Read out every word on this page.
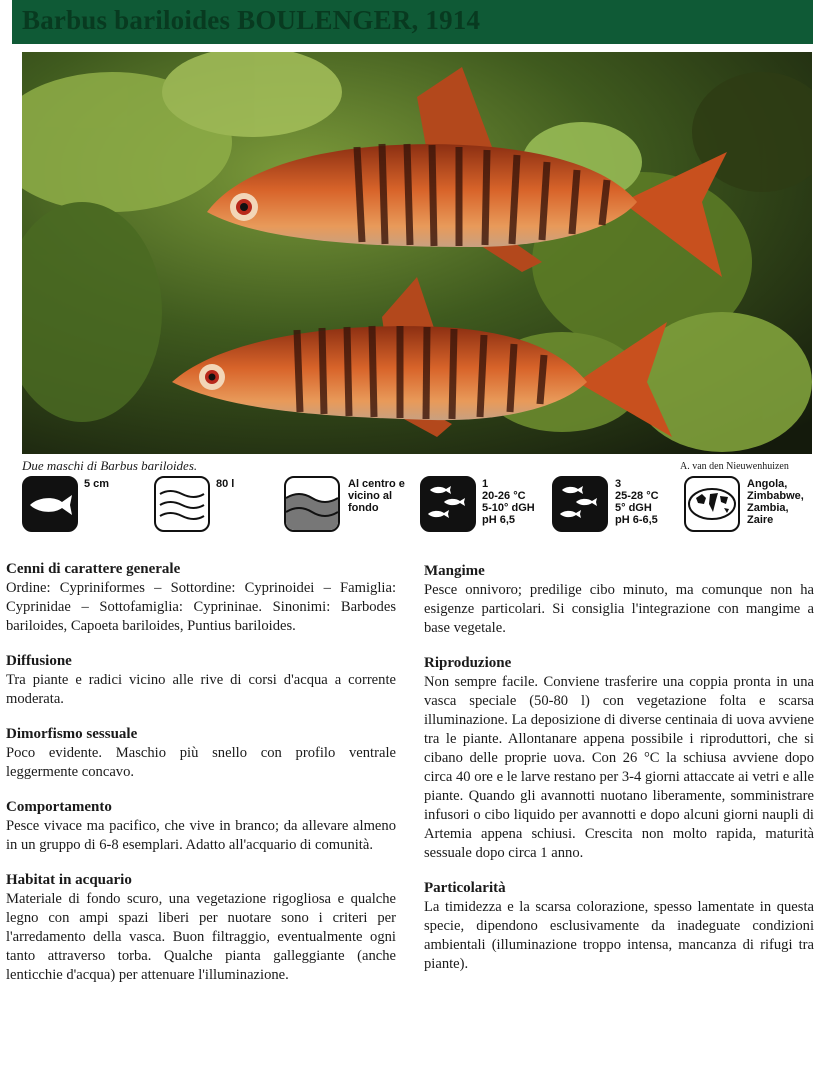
Barbus bariloides BOULENGER, 1914
Due maschi di Barbus bariloides.	A. van den Nieuwenhuizen
5 cm	80 l	Al centro e
vicino al
fondo
1
20-26 °C
5-10° dGH
pH 6,5
3
25-28 °C
5° dGH
pH 6-6,5
Angola,
Zimbabwe,
Zambia,
Zaire
Cenni di carattere generale

Ordine: Cypriniformes – Sottordine: Cyprinoidei – Famiglia: Cyprinidae – Sottofamiglia: Cyprininae. Sinonimi: Barbodes bariloides, Capoeta bariloides, Puntius bariloides.

Diffusione

Tra piante e radici vicino alle rive di corsi d'acqua a corrente moderata.

Dimorfismo sessuale

Poco evidente. Maschio più snello con profilo ventrale leggermente concavo.

Comportamento

Pesce vivace ma pacifico, che vive in branco; da allevare almeno in un gruppo di 6-8 esemplari. Adatto all'acquario di comunità.

Habitat in acquario

Materiale di fondo scuro, una vegetazione rigogliosa e qualche legno con ampi spazi liberi per nuotare sono i criteri per l'arredamento della vasca. Buon filtraggio, eventualmente ogni tanto attraverso torba. Qualche pianta galleggiante (anche lenticchie d'acqua) per attenuare l'illuminazione.

Mangime

Pesce onnivoro; predilige cibo minuto, ma comunque non ha esigenze particolari. Si consiglia l'integrazione con mangime a base vegetale.

Riproduzione

Non sempre facile. Conviene trasferire una coppia pronta in una vasca speciale (50-80 l) con vegetazione folta e scarsa illuminazione. La deposizione di diverse centinaia di uova avviene tra le piante. Allontanare appena possibile i riproduttori, che si cibano delle proprie uova. Con 26 °C la schiusa avviene dopo circa 40 ore e le larve restano per 3-4 giorni attaccate ai vetri e alle piante. Quando gli avannotti nuotano liberamente, somministrare infusori o cibo liquido per avannotti e dopo alcuni giorni naupli di Artemia appena schiusi. Crescita non molto rapida, maturità sessuale dopo circa 1 anno.

Particolarità

La timidezza e la scarsa colorazione, spesso lamentate in questa specie, dipendono esclusivamente da inadeguate condizioni ambientali (illuminazione troppo intensa, mancanza di rifugi tra piante).
